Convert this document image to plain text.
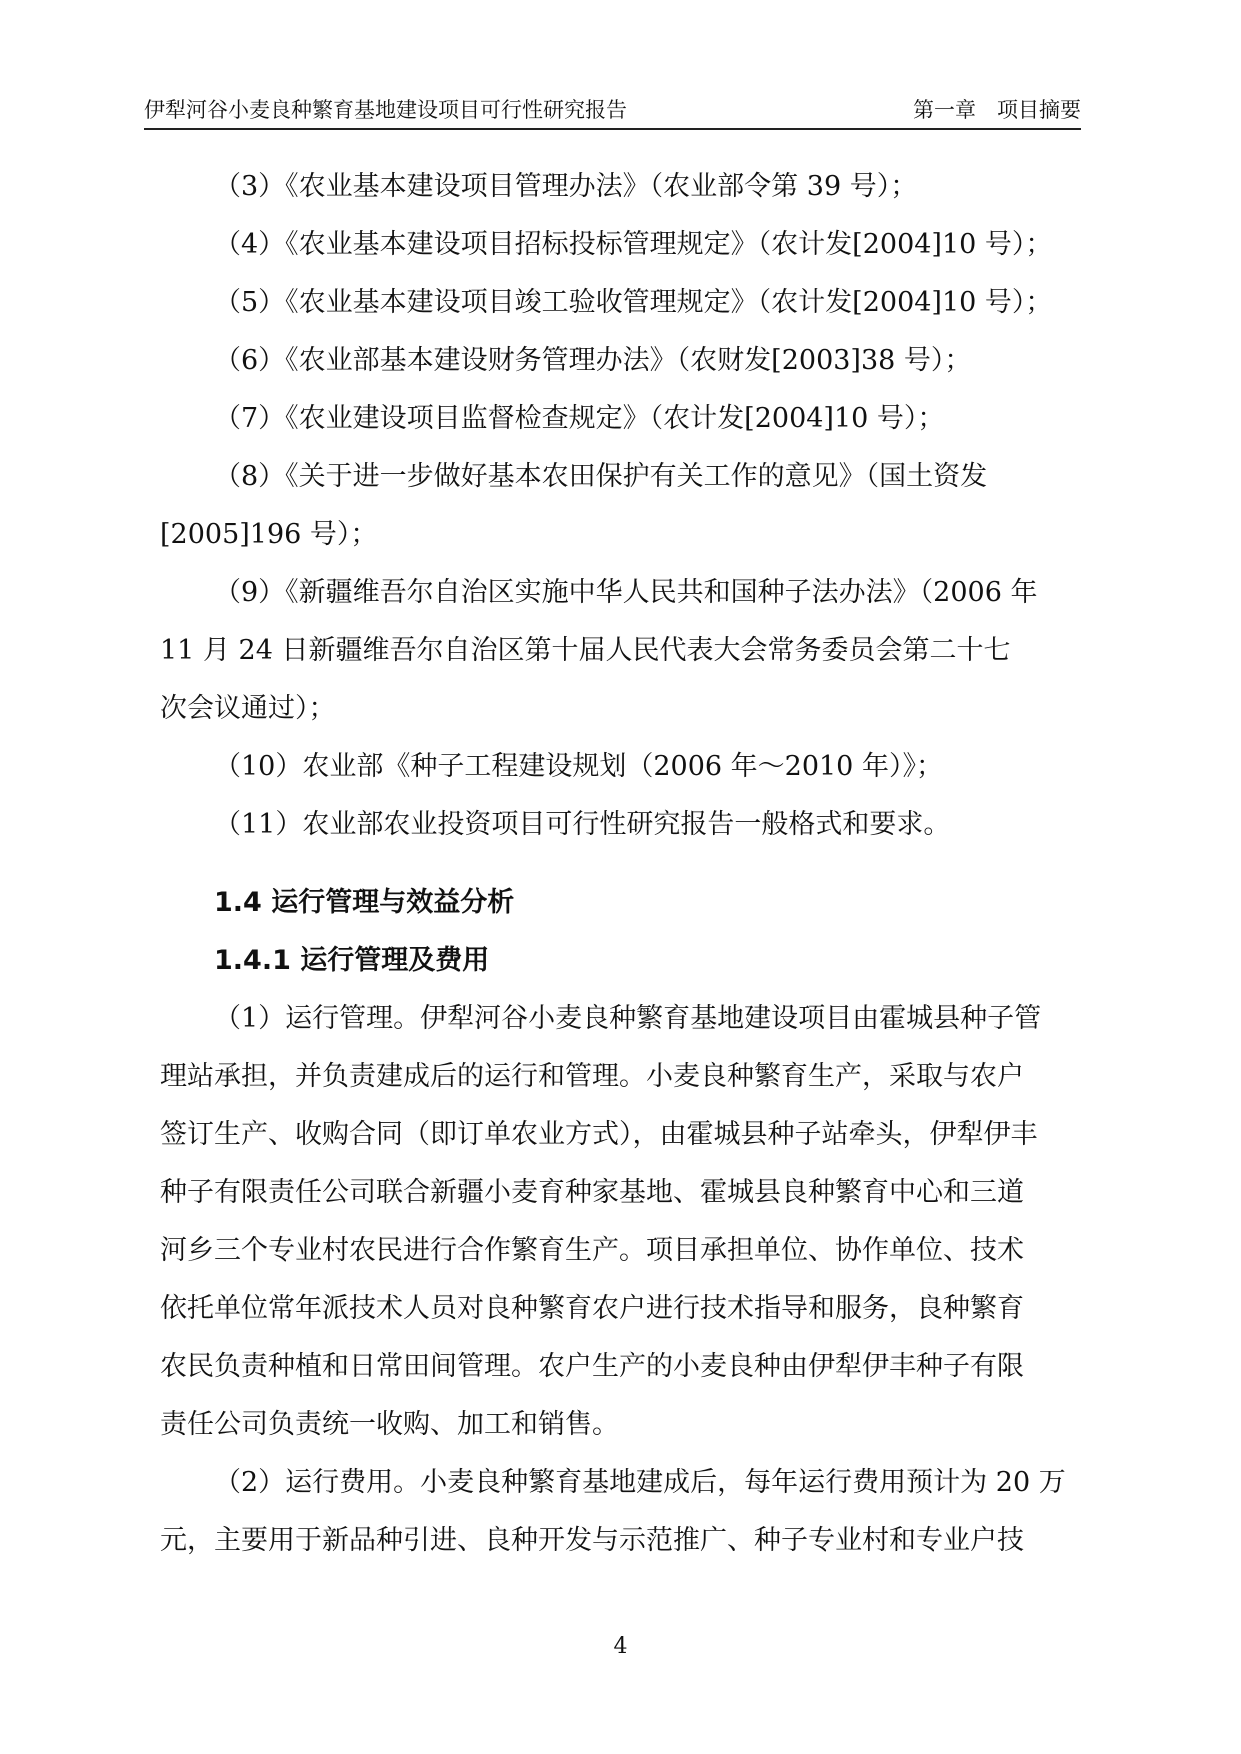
伊犁河谷小麦良种繁育基地建设项目可行性研究报告	第一章　项目摘要

（3）《农业基本建设项目管理办法》（农业部令第 39 号）；

（4）《农业基本建设项目招标投标管理规定》（农计发[2004]10 号）；

（5）《农业基本建设项目竣工验收管理规定》（农计发[2004]10 号）；

（6）《农业部基本建设财务管理办法》（农财发[2003]38 号）；

（7）《农业建设项目监督检查规定》（农计发[2004]10 号）；

（8）《关于进一步做好基本农田保护有关工作的意见》（国土资发

[2005]196 号）；

（9）《新疆维吾尔自治区实施中华人民共和国种子法办法》（2006 年

11 月 24 日新疆维吾尔自治区第十届人民代表大会常务委员会第二十七

次会议通过）；

（10）农业部《种子工程建设规划（2006 年～2010 年）》；

（11）农业部农业投资项目可行性研究报告一般格式和要求。

1.4 运行管理与效益分析
1.4.1 运行管理及费用

（1）运行管理。伊犁河谷小麦良种繁育基地建设项目由霍城县种子管

理站承担，并负责建成后的运行和管理。小麦良种繁育生产，采取与农户

签订生产、收购合同（即订单农业方式），由霍城县种子站牵头，伊犁伊丰

种子有限责任公司联合新疆小麦育种家基地、霍城县良种繁育中心和三道

河乡三个专业村农民进行合作繁育生产。项目承担单位、协作单位、技术

依托单位常年派技术人员对良种繁育农户进行技术指导和服务，良种繁育

农民负责种植和日常田间管理。农户生产的小麦良种由伊犁伊丰种子有限

责任公司负责统一收购、加工和销售。

（2）运行费用。小麦良种繁育基地建成后，每年运行费用预计为 20 万

元，主要用于新品种引进、良种开发与示范推广、种子专业村和专业户技

4
